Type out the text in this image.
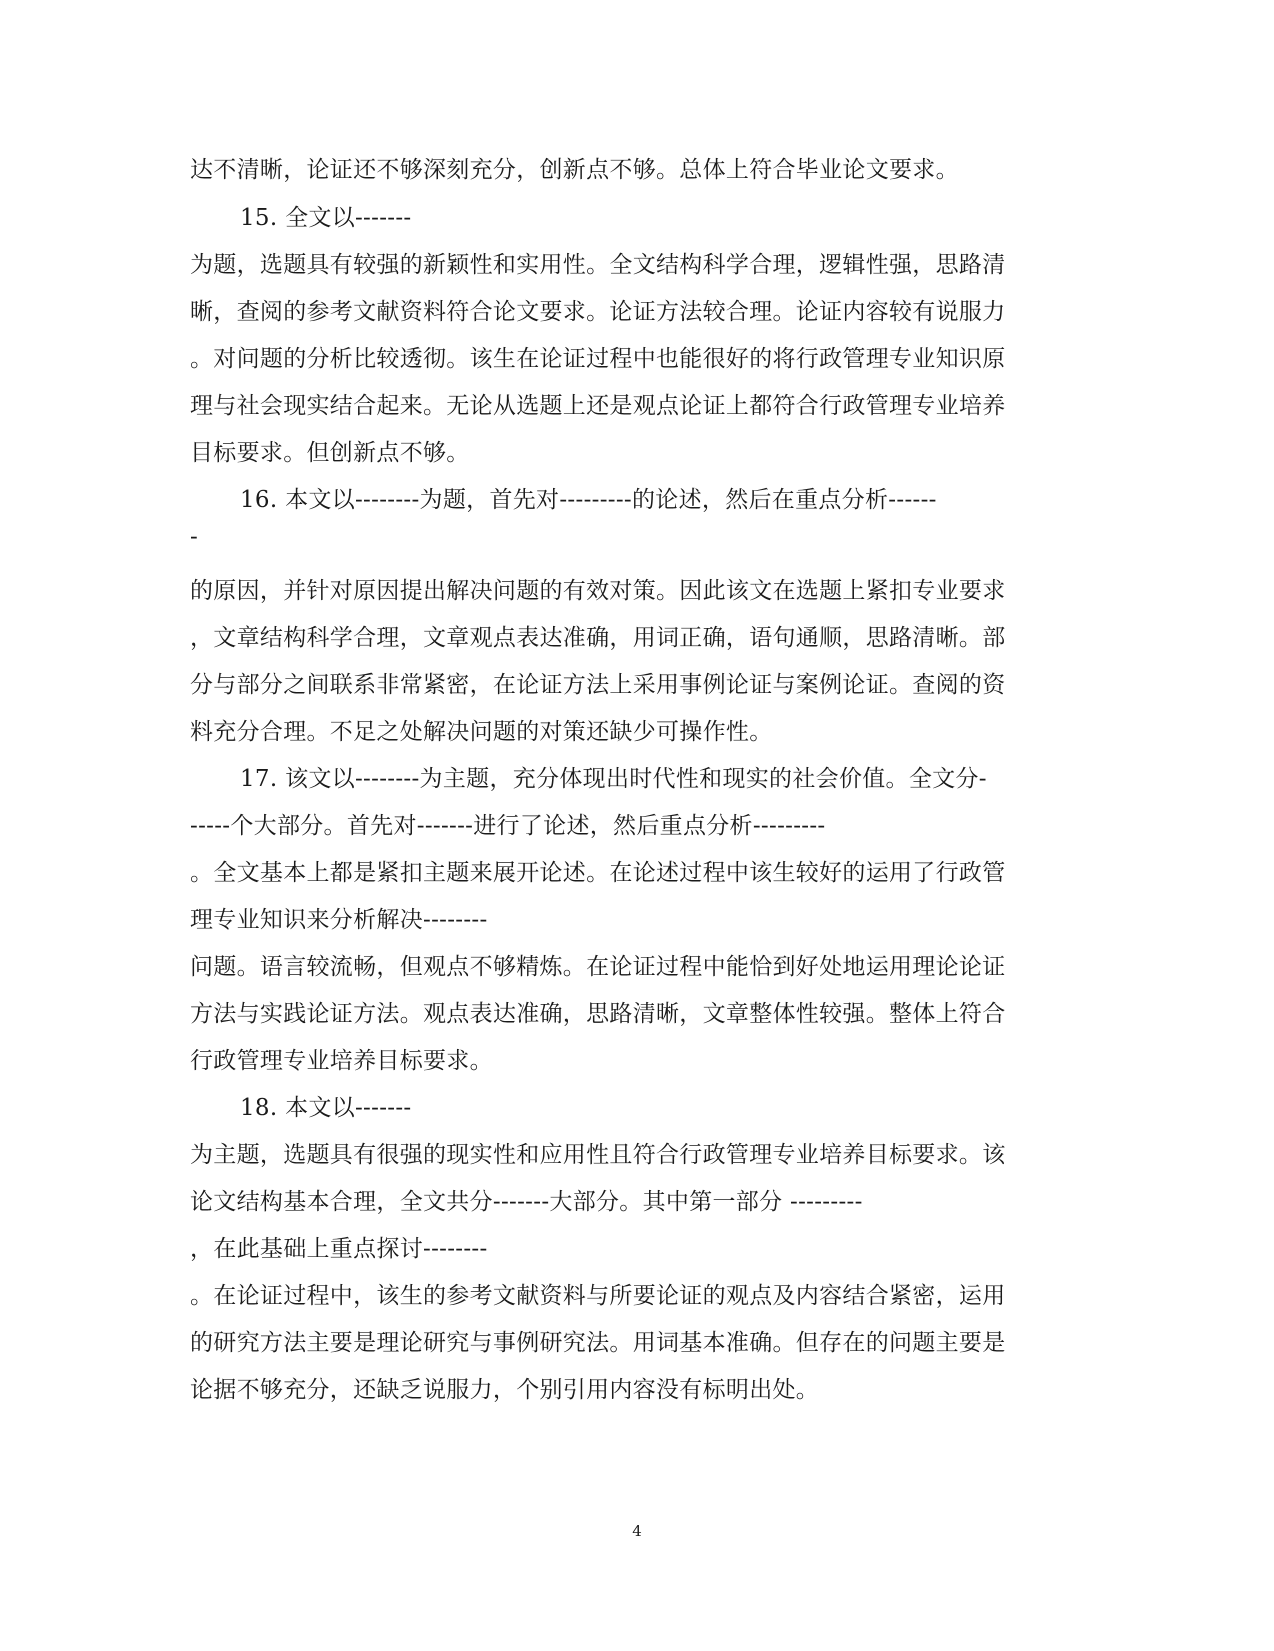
达不清晰，论证还不够深刻充分，创新点不够。总体上符合毕业论文要求。
15. 全文以-------
为题，选题具有较强的新颖性和实用性。全文结构科学合理，逻辑性强，思路清
晰，查阅的参考文献资料符合论文要求。论证方法较合理。论证内容较有说服力
。对问题的分析比较透彻。该生在论证过程中也能很好的将行政管理专业知识原
理与社会现实结合起来。无论从选题上还是观点论证上都符合行政管理专业培养
目标要求。但创新点不够。
16. 本文以--------为题，首先对---------的论述，然后在重点分析------
-
的原因，并针对原因提出解决问题的有效对策。因此该文在选题上紧扣专业要求
，文章结构科学合理，文章观点表达准确，用词正确，语句通顺，思路清晰。部
分与部分之间联系非常紧密，在论证方法上采用事例论证与案例论证。查阅的资
料充分合理。不足之处解决问题的对策还缺少可操作性。
17. 该文以--------为主题，充分体现出时代性和现实的社会价值。全文分-
-----个大部分。首先对-------进行了论述，然后重点分析---------
。全文基本上都是紧扣主题来展开论述。在论述过程中该生较好的运用了行政管
理专业知识来分析解决--------
问题。语言较流畅，但观点不够精炼。在论证过程中能恰到好处地运用理论论证
方法与实践论证方法。观点表达准确，思路清晰，文章整体性较强。整体上符合
行政管理专业培养目标要求。
18. 本文以-------
为主题，选题具有很强的现实性和应用性且符合行政管理专业培养目标要求。该
论文结构基本合理，全文共分-------大部分。其中第一部分 ---------
，在此基础上重点探讨--------
。在论证过程中，该生的参考文献资料与所要论证的观点及内容结合紧密，运用
的研究方法主要是理论研究与事例研究法。用词基本准确。但存在的问题主要是
论据不够充分，还缺乏说服力，个别引用内容没有标明出处。
4
